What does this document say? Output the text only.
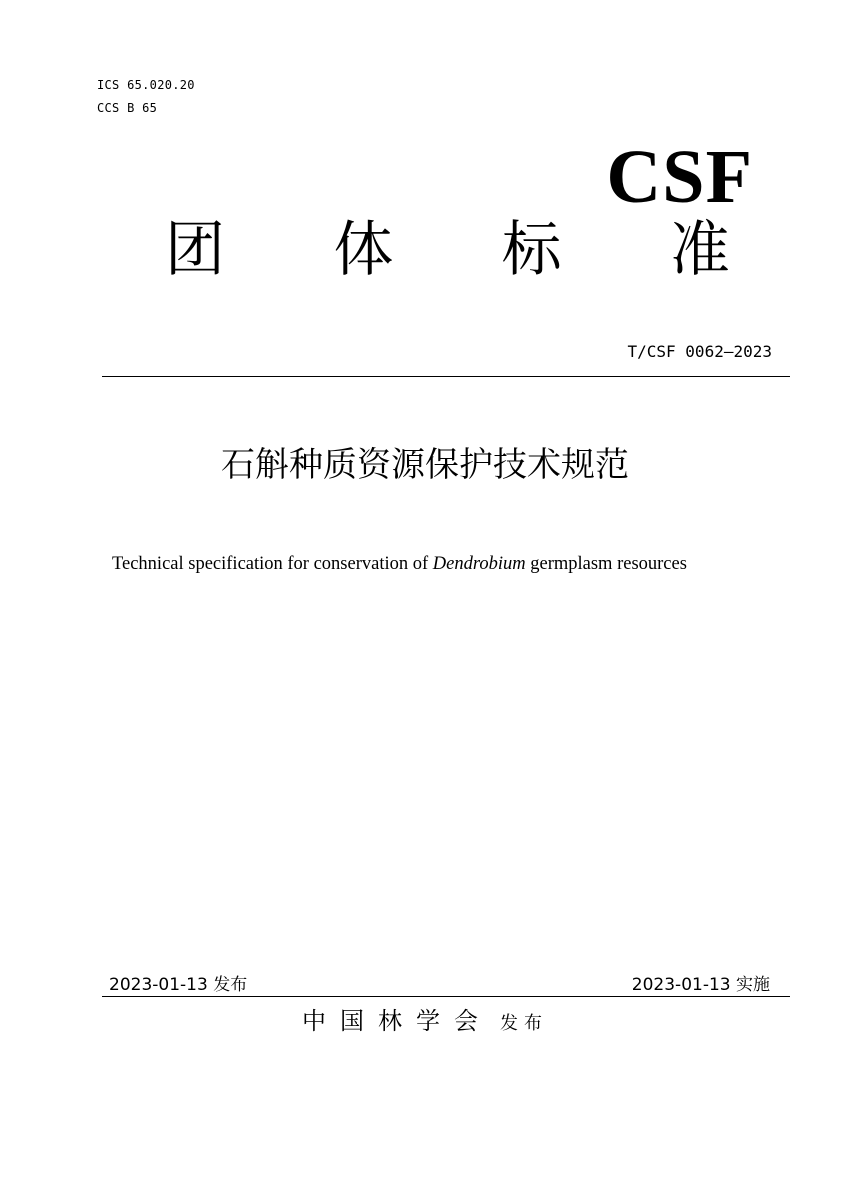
ICS 65.020.20
CCS B 65
CSF
团 体 标 准
T/CSF 0062—2023
石斛种质资源保护技术规范
Technical specification for conservation of Dendrobium germplasm resources
2023-01-13 发布	2023-01-13 实施
中国林学会 发布
